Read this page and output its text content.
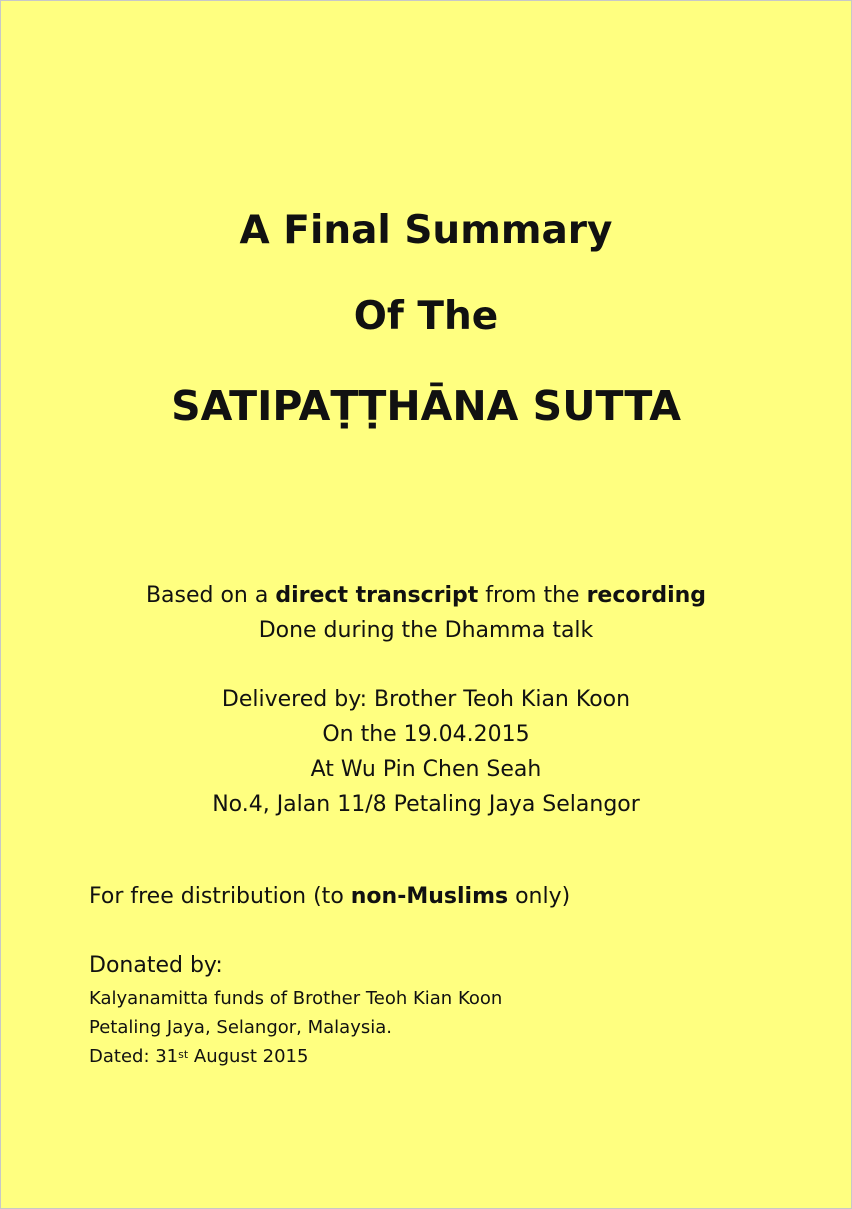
A Final Summary
Of The
SATIPAṬṬHĀNA SUTTA
Based on a direct transcript from the recording
Done during the Dhamma talk
Delivered by: Brother Teoh Kian Koon
On the 19.04.2015
At Wu Pin Chen Seah
No.4, Jalan 11/8 Petaling Jaya Selangor
For free distribution (to non-Muslims only)
Donated by:
Kalyanamitta funds of Brother Teoh Kian Koon
Petaling Jaya, Selangor, Malaysia.
Dated: 31st August 2015
